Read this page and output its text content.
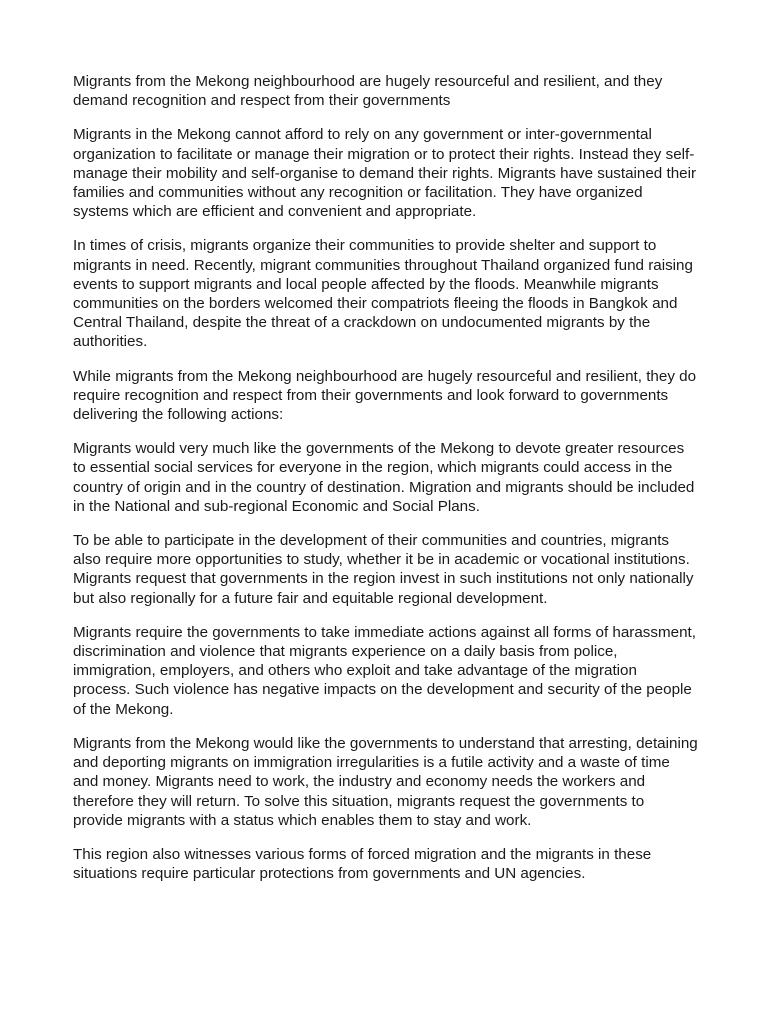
Migrants from the Mekong neighbourhood are hugely resourceful and resilient, and they demand recognition and respect from their governments

Migrants in the Mekong cannot afford to rely on any government or inter-governmental organization to facilitate or manage their migration or to protect their rights. Instead they self-manage their mobility and self-organise to demand their rights. Migrants have sustained their families and communities without any recognition or facilitation. They have organized systems which are efficient and convenient and appropriate.

In times of crisis, migrants organize their communities to provide shelter and support to migrants in need. Recently, migrant communities throughout Thailand organized fund raising events to support migrants and local people affected by the floods. Meanwhile migrants communities on the borders welcomed their compatriots fleeing the floods in Bangkok and Central Thailand, despite the threat of a crackdown on undocumented migrants by the authorities.

While migrants from the Mekong neighbourhood are hugely resourceful and resilient, they do require recognition and respect from their governments and look forward to governments delivering the following actions:

Migrants would very much like the governments of the Mekong to devote greater resources to essential social services for everyone in the region, which migrants could access in the country of origin and in the country of destination. Migration and migrants should be included in the National and sub-regional Economic and Social Plans.

To be able to participate in the development of their communities and countries, migrants also require more opportunities to study, whether it be in academic or vocational institutions. Migrants request that governments in the region invest in such institutions not only nationally but also regionally for a future fair and equitable regional development.

Migrants require the governments to take immediate actions against all forms of harassment, discrimination and violence that migrants experience on a daily basis from police, immigration, employers, and others who exploit and take advantage of the migration process. Such violence has negative impacts on the development and security of the people of the Mekong.

Migrants from the Mekong would like the governments to understand that arresting, detaining and deporting migrants on immigration irregularities is a futile activity and a waste of time and money. Migrants need to work, the industry and economy needs the workers and therefore they will return. To solve this situation, migrants request the governments to provide migrants with a status which enables them to stay and work.

This region also witnesses various forms of forced migration and the migrants in these situations require particular protections from governments and UN agencies.
